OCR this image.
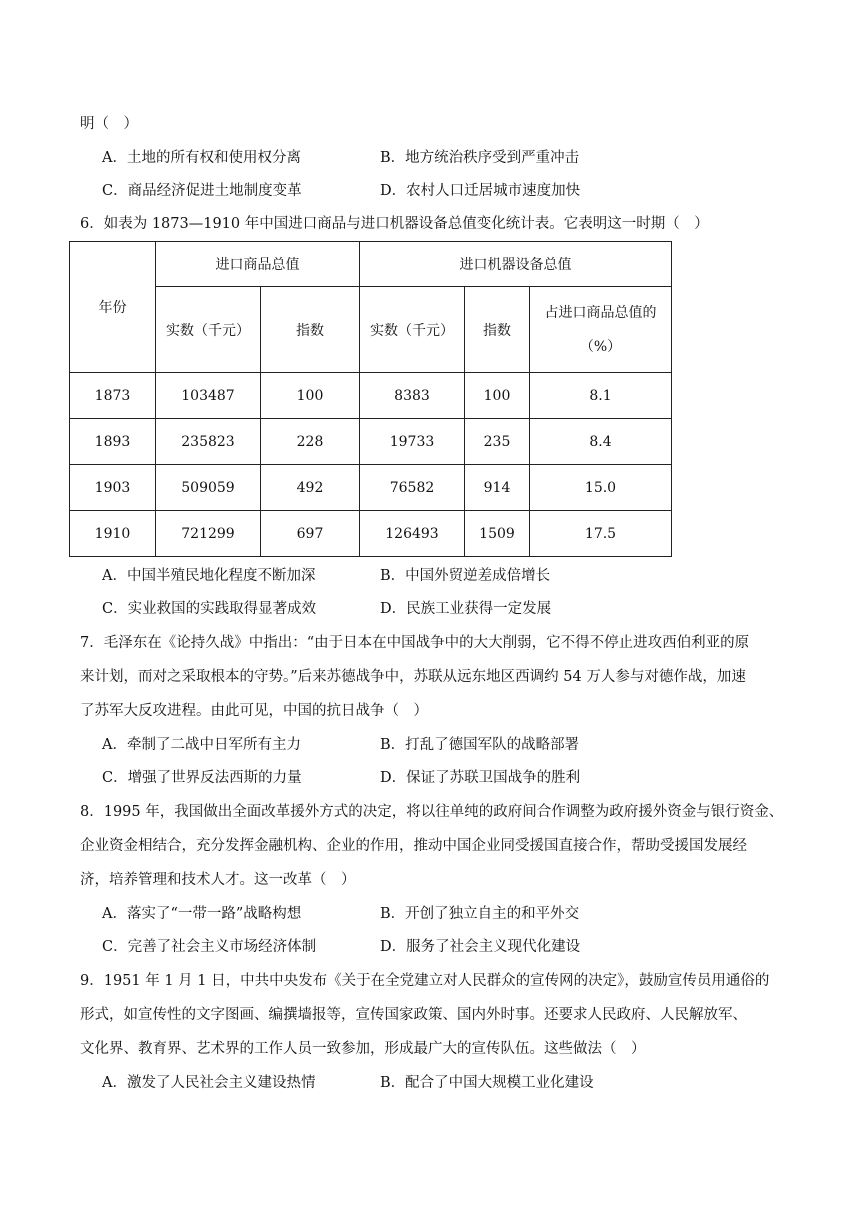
明（　）
A．土地的所有权和使用权分离	B．地方统治秩序受到严重冲击
C．商品经济促进土地制度变革	D．农村人口迁居城市速度加快
6．如表为 1873—1910 年中国进口商品与进口机器设备总值变化统计表。它表明这一时期（　）
年份	进口商品总值		进口机器设备总值		
	实数（千元）	指数	实数（千元）	指数	占进口商品总值的（%）
1873	103487	100	8383	100	8.1
1893	235823	228	19733	235	8.4
1903	509059	492	76582	914	15.0
1910	721299	697	126493	1509	17.5
A．中国半殖民地化程度不断加深	B．中国外贸逆差成倍增长
C．实业救国的实践取得显著成效	D．民族工业获得一定发展
7．毛泽东在《论持久战》中指出：“由于日本在中国战争中的大大削弱，它不得不停止进攻西伯利亚的原
来计划，而对之采取根本的守势。”后来苏德战争中，苏联从远东地区西调约 54 万人参与对德作战，加速
了苏军大反攻进程。由此可见，中国的抗日战争（　）
A．牵制了二战中日军所有主力	B．打乱了德国军队的战略部署
C．增强了世界反法西斯的力量	D．保证了苏联卫国战争的胜利
8．1995 年，我国做出全面改革援外方式的决定，将以往单纯的政府间合作调整为政府援外资金与银行资金、
企业资金相结合，充分发挥金融机构、企业的作用，推动中国企业同受援国直接合作，帮助受援国发展经
济，培养管理和技术人才。这一改革（　）
A．落实了“一带一路”战略构想	B．开创了独立自主的和平外交
C．完善了社会主义市场经济体制	D．服务了社会主义现代化建设
9．1951 年 1 月 1 日，中共中央发布《关于在全党建立对人民群众的宣传网的决定》，鼓励宣传员用通俗的
形式，如宣传性的文字图画、编撰墙报等，宣传国家政策、国内外时事。还要求人民政府、人民解放军、
文化界、教育界、艺术界的工作人员一致参加，形成最广大的宣传队伍。这些做法（　）
A．激发了人民社会主义建设热情	B．配合了中国大规模工业化建设
